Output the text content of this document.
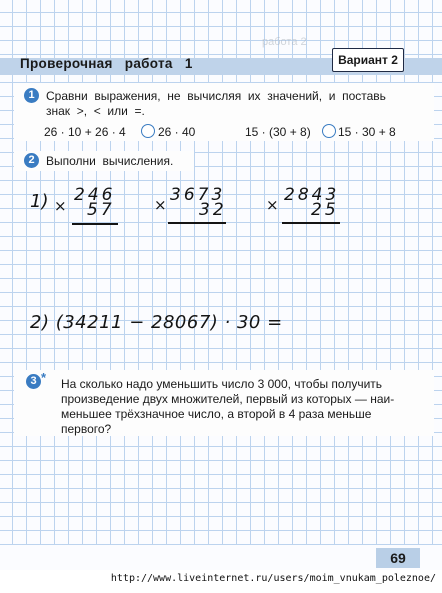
работа 2
Проверочная   работа   1	Вариант 2
1 Сравни  выражения,  не  вычисляя  их  значений,  и  поставь
знак  >,  <  или  =.
26 · 10 + 26 · 4	26 · 40	15 · (30 + 8) 15 · 30 + 8
2 Выполни  вычисления.
1) ×
246
57	× 3673
32	× 2843
25
2) (34211 − 28067) · 30 =
3 * На сколько надо уменьшить число 3 000, чтобы получить
произведение двух множителей, первый из которых — наи-
меньшее трёхзначное число, а второй в 4 раза меньше
первого?
69
http://www.liveinternet.ru/users/moim_vnukam_poleznoe/
